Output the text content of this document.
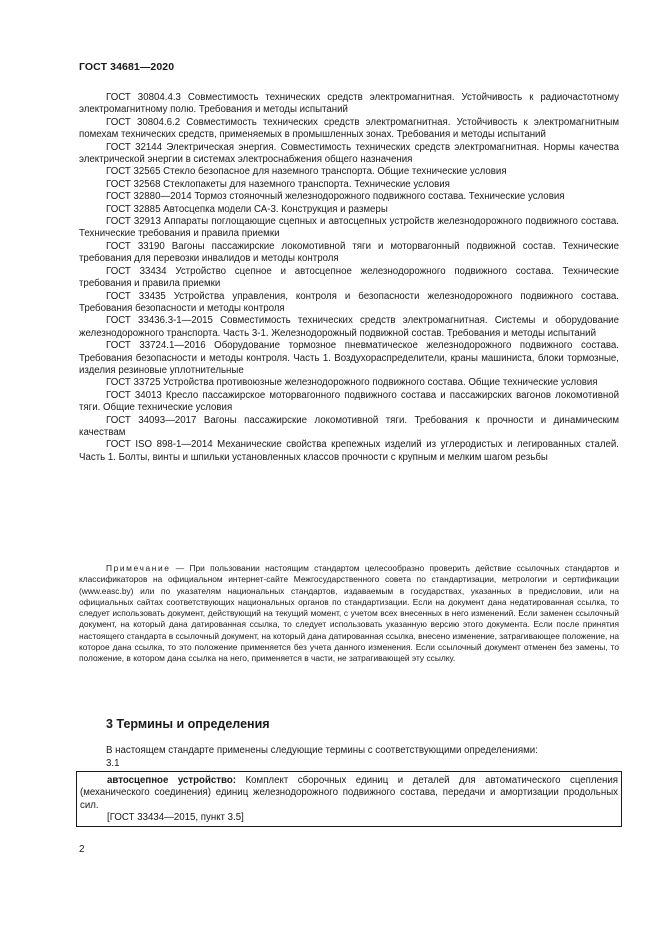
ГОСТ 34681—2020

ГОСТ 30804.4.3 Совместимость технических средств электромагнитная. Устойчивость к радиочастотному электромагнитному полю. Требования и методы испытаний

ГОСТ 30804.6.2 Совместимость технических средств электромагнитная. Устойчивость к электромагнитным помехам технических средств, применяемых в промышленных зонах. Требования и методы испытаний

ГОСТ 32144 Электрическая энергия. Совместимость технических средств электромагнитная. Нормы качества электрической энергии в системах электроснабжения общего назначения

ГОСТ 32565 Стекло безопасное для наземного транспорта. Общие технические условия

ГОСТ 32568 Стеклопакеты для наземного транспорта. Технические условия

ГОСТ 32880—2014 Тормоз стояночный железнодорожного подвижного состава. Технические условия

ГОСТ 32885 Автосцепка модели СА-3. Конструкция и размеры

ГОСТ 32913 Аппараты поглощающие сцепных и автосцепных устройств железнодорожного подвижного состава. Технические требования и правила приемки

ГОСТ 33190 Вагоны пассажирские локомотивной тяги и моторвагонный подвижной состав. Технические требования для перевозки инвалидов и методы контроля

ГОСТ 33434 Устройство сцепное и автосцепное железнодорожного подвижного состава. Технические требования и правила приемки

ГОСТ 33435 Устройства управления, контроля и безопасности железнодорожного подвижного состава. Требования безопасности и методы контроля

ГОСТ 33436.3-1—2015 Совместимость технических средств электромагнитная. Системы и оборудование железнодорожного транспорта. Часть 3-1. Железнодорожный подвижной состав. Требования и методы испытаний

ГОСТ 33724.1—2016 Оборудование тормозное пневматическое железнодорожного подвижного состава. Требования безопасности и методы контроля. Часть 1. Воздухораспределители, краны машиниста, блоки тормозные, изделия резиновые уплотнительные

ГОСТ 33725 Устройства противоюзные железнодорожного подвижного состава. Общие технические условия

ГОСТ 34013 Кресло пассажирское моторвагонного подвижного состава и пассажирских вагонов локомотивной тяги. Общие технические условия

ГОСТ 34093—2017 Вагоны пассажирские локомотивной тяги. Требования к прочности и динамическим качествам

ГОСТ ISO 898-1—2014 Механические свойства крепежных изделий из углеродистых и легированных сталей. Часть 1. Болты, винты и шпильки установленных классов прочности с крупным и мелким шагом резьбы

Примечание — При пользовании настоящим стандартом целесообразно проверить действие ссылочных стандартов и классификаторов на официальном интернет-сайте Межгосударственного совета по стандартизации, метрологии и сертификации (www.easc.by) или по указателям национальных стандартов, издаваемым в государствах, указанных в предисловии, или на официальных сайтах соответствующих национальных органов по стандартизации. Если на документ дана недатированная ссылка, то следует использовать документ, действующий на текущий момент, с учетом всех внесенных в него изменений. Если заменен ссылочный документ, на который дана датированная ссылка, то следует использовать указанную версию этого документа. Если после принятия настоящего стандарта в ссылочный документ, на который дана датированная ссылка, внесено изменение, затрагивающее положение, на которое дана ссылка, то это положение применяется без учета данного изменения. Если ссылочный документ отменен без замены, то положение, в котором дана ссылка на него, применяется в части, не затрагивающей эту ссылку.

3 Термины и определения

В настоящем стандарте применены следующие термины с соответствующими определениями:

3.1

автосцепное устройство: Комплект сборочных единиц и деталей для автоматического сцепления (механического соединения) единиц железнодорожного подвижного состава, передачи и амортизации продольных сил.

[ГОСТ 33434—2015, пункт 3.5]

2
